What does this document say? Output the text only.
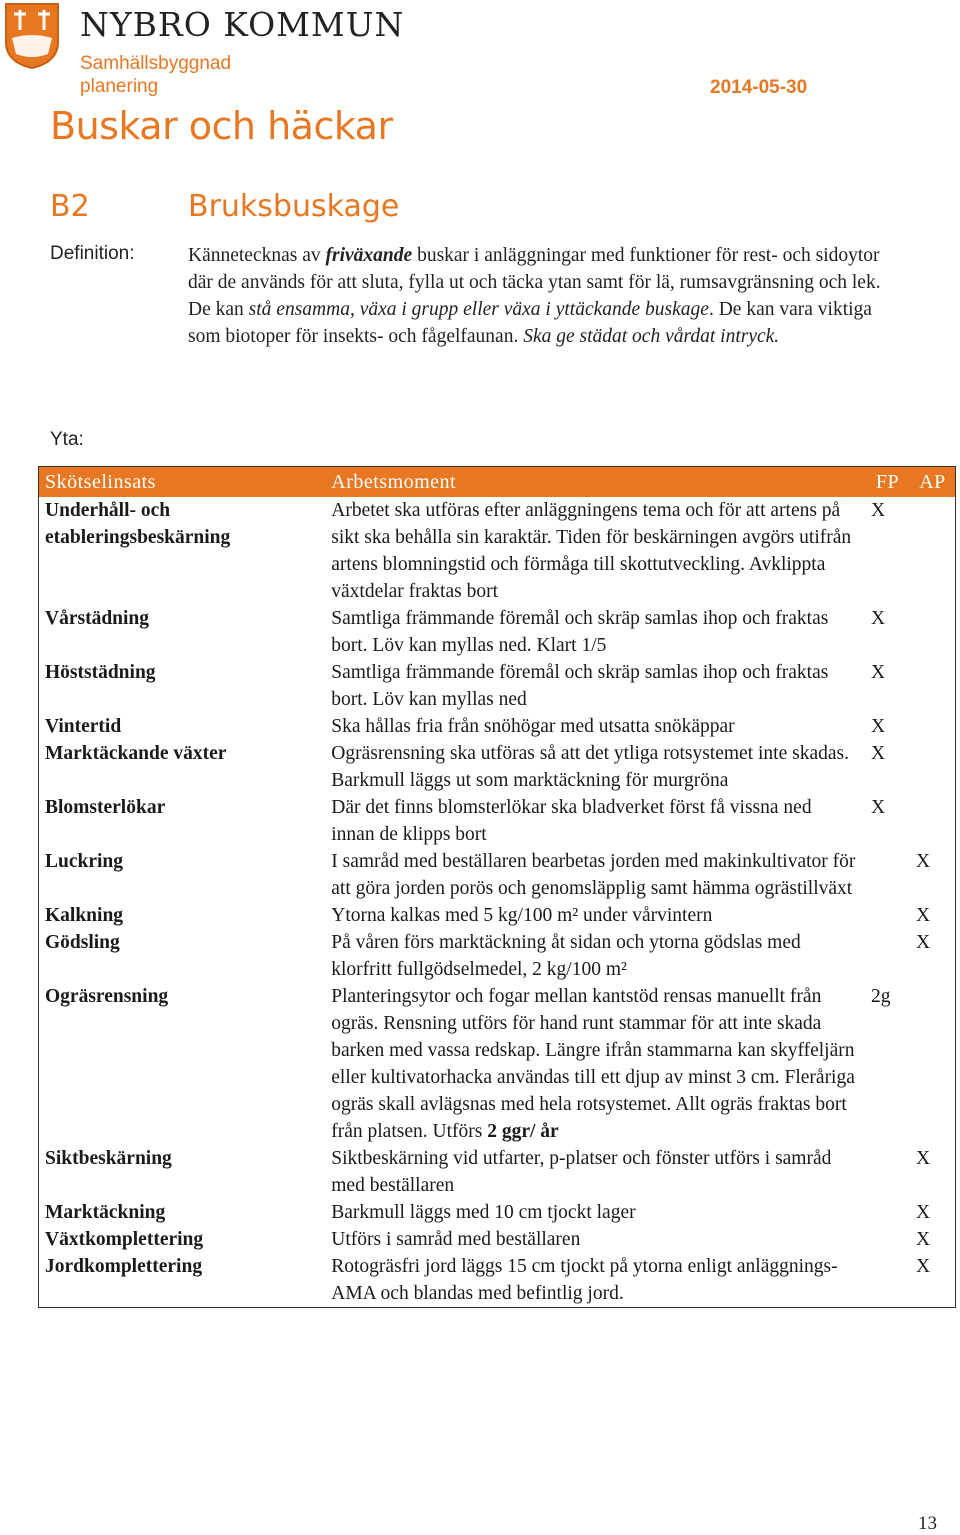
NYBRO KOMMUN
Samhällsbyggnad
planering	2014-05-30
Buskar och häckar
B2	Bruksbuskage
Definition:	Kännetecknas av friväxande buskar i anläggningar med funktioner för rest- och sidoytor där de används för att sluta, fylla ut och täcka ytan samt för lä, rumsavgränsning och lek. De kan stå ensamma, växa i grupp eller växa i yttäckande buskage. De kan vara viktiga som biotoper för insekts- och fågelfaunan. Ska ge städat och vårdat intryck.
Yta:
Skötselinsats	Arbetsmoment	FP	AP
Underhåll- och etableringsbeskärning	Arbetet ska utföras efter anläggningens tema och för att artens på sikt ska behålla sin karaktär. Tiden för beskärningen avgörs utifrån artens blomningstid och förmåga till skottutveckling. Avklippta växtdelar fraktas bort	X	
Vårstädning	Samtliga främmande föremål och skräp samlas ihop och fraktas bort. Löv kan myllas ned. Klart 1/5	X	
Höststädning	Samtliga främmande föremål och skräp samlas ihop och fraktas bort. Löv kan myllas ned	X	
Vintertid	Ska hållas fria från snöhögar med utsatta snökäppar	X	
Marktäckande växter	Ogräsrensning ska utföras så att det ytliga rotsystemet inte skadas. Barkmull läggs ut som marktäckning för murgröna	X	
Blomsterlökar	Där det finns blomsterlökar ska bladverket först få vissna ned innan de klipps bort	X	
Luckring	I samråd med beställaren bearbetas jorden med makinkultivator för att göra jorden porös och genomsläpplig samt hämma ogrästillväxt		X
Kalkning	Ytorna kalkas med 5 kg/100 m² under vårvintern		X
Gödsling	På våren förs marktäckning åt sidan och ytorna gödslas med klorfritt fullgödselmedel, 2 kg/100 m²		X
Ogräsrensning	Planteringsytor och fogar mellan kantstöd rensas manuellt från ogräs. Rensning utförs för hand runt stammar för att inte skada barken med vassa redskap. Längre ifrån stammarna kan skyffeljärn eller kultivatorhacka användas till ett djup av minst 3 cm. Fleråriga ogräs skall avlägsnas med hela rotsystemet. Allt ogräs fraktas bort från platsen. Utförs 2 ggr/ år	2g	
Siktbeskärning	Siktbeskärning vid utfarter, p-platser och fönster utförs i samråd med beställaren		X
Marktäckning	Barkmull läggs med 10 cm tjockt lager		X
Växtkomplettering	Utförs i samråd med beställaren		X
Jordkomplettering	Rotogräsfri jord läggs 15 cm tjockt på ytorna enligt anläggnings-AMA och blandas med befintlig jord.		X
13
